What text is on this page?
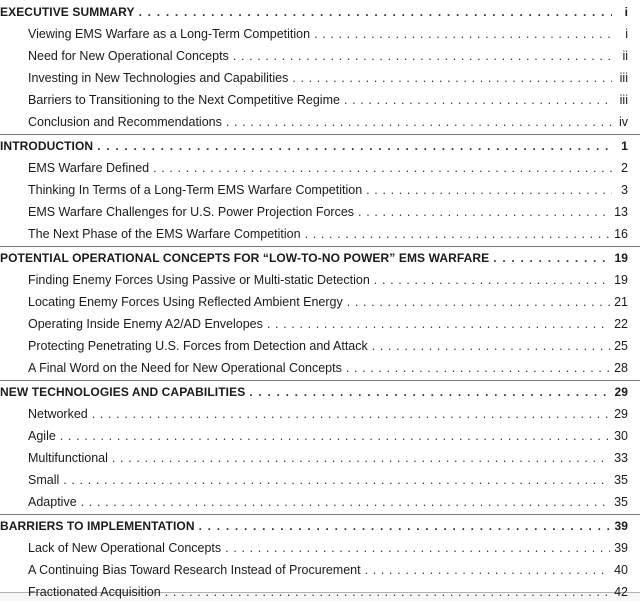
EXECUTIVE SUMMARY . . .	i
Viewing EMS Warfare as a Long-Term Competition . . .	i
Need for New Operational Concepts . . .	ii
Investing in New Technologies and Capabilities . . .	iii
Barriers to Transitioning to the Next Competitive Regime . . .	iii
Conclusion and Recommendations . . .	iv
INTRODUCTION . . .	1
EMS Warfare Defined . . .	2
Thinking In Terms of a Long-Term EMS Warfare Competition . . .	3
EMS Warfare Challenges for U.S. Power Projection Forces . . .	13
The Next Phase of the EMS Warfare Competition . . .	16
POTENTIAL OPERATIONAL CONCEPTS FOR “LOW-TO-NO POWER” EMS WARFARE . . .	19
Finding Enemy Forces Using Passive or Multi-static Detection . . .	19
Locating Enemy Forces Using Reflected Ambient Energy . . .	21
Operating Inside Enemy A2/AD Envelopes . . .	22
Protecting Penetrating U.S. Forces from Detection and Attack . . .	25
A Final Word on the Need for New Operational Concepts . . .	28
NEW TECHNOLOGIES AND CAPABILITIES . . .	29
Networked . . .	29
Agile . . .	30
Multifunctional . . .	33
Small . . .	35
Adaptive . . .	35
BARRIERS TO IMPLEMENTATION . . .	39
Lack of New Operational Concepts . . .	39
A Continuing Bias Toward Research Instead of Procurement . . .	40
Fractionated Acquisition . . .	42
